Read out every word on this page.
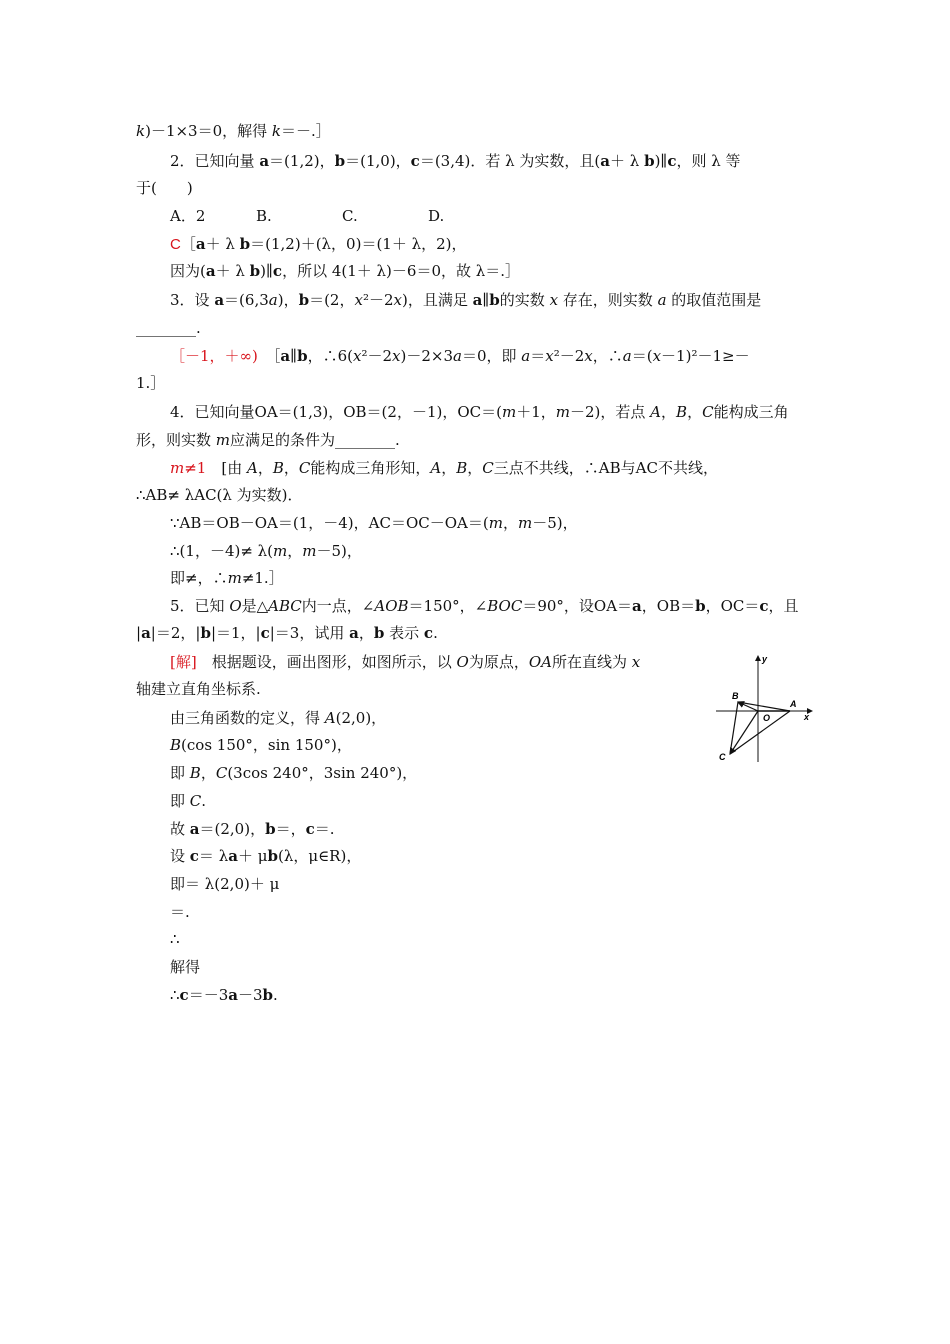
k)－1×3＝0，解得 k＝－.］
2．已知向量 a＝(1,2)，b＝(1,0)，c＝(3,4)．若 λ 为实数，且(a＋ λ b)∥c，则 λ 等
于(　　)
A．2	B.	C.	D.
C［a＋ λ b＝(1,2)＋(λ，0)＝(1＋ λ，2)，
因为(a＋ λ b)∥c，所以 4(1＋ λ)－6＝0，故 λ＝.］
3．设 a＝(6,3a)，b＝(2，x²－2x)，且满足 a∥b的实数 x 存在，则实数 a 的取值范围是
________.
［－1，＋∞)　［a∥b，∴6(x²－2x)－2×3a＝0，即 a＝x²－2x，∴a＝(x－1)²－1≥－
1.］
4．已知向量OA＝(1,3)，OB＝(2，－1)，OC＝(m＋1，m－2)，若点 A，B，C能构成三角
形，则实数 m应满足的条件为________.
m≠1　[由 A，B，C能构成三角形知，A，B，C三点不共线，∴AB与AC不共线，
∴AB≠ λAC(λ 为实数)．
∵AB＝OB－OA＝(1，－4)，AC＝OC－OA＝(m，m－5)，
∴(1，－4)≠ λ(m，m－5)，
即≠，∴m≠1.］
5．已知 O是△ABC内一点，∠AOB＝150°，∠BOC＝90°，设OA＝a，OB＝b，OC＝c，且
|a|＝2，|b|＝1，|c|＝3，试用 a，b 表示 c.
[解]　根据题设，画出图形，如图所示，以 O为原点，OA所在直线为 x
轴建立直角坐标系.
由三角函数的定义，得 A(2,0)，
B(cos 150°，sin 150°)，
即 B，C(3cos 240°，3sin 240°)，
即 C.
故 a＝(2,0)，b＝，c＝.
设 c＝ λa＋ μb(λ，μ∈R)，
即＝ λ(2,0)＋ μ
＝.
∴
解得
∴c＝－3a－3b.
y
x
A
B
O
C
